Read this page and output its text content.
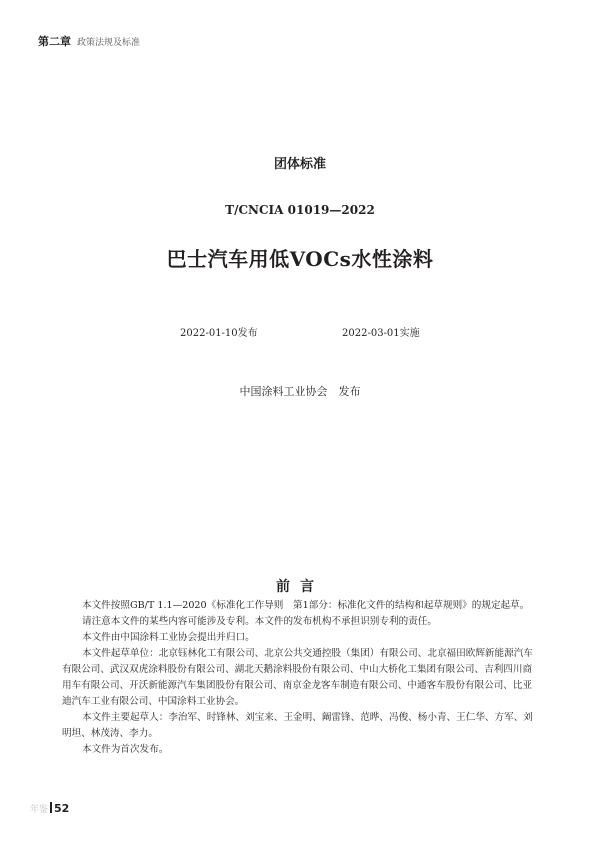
第二章 政策法规及标准
团体标准
T/CNCIA 01019—2022
巴士汽车用低VOCs水性涂料
2022-01-10发布	2022-03-01实施
中国涂料工业协会　发布
前言

本文件按照GB/T 1.1—2020《标准化工作导则　第1部分：标准化文件的结构和起草规则》的规定起草。

请注意本文件的某些内容可能涉及专利。本文件的发布机构不承担识别专利的责任。

本文件由中国涂料工业协会提出并归口。

本文件起草单位：北京钰林化工有限公司、北京公共交通控股（集团）有限公司、北京福田欧辉新能源汽车有限公司、武汉双虎涂料股份有限公司、湖北天鹅涂料股份有限公司、中山大桥化工集团有限公司、吉利四川商用车有限公司、开沃新能源汽车集团股份有限公司、南京金龙客车制造有限公司、中通客车股份有限公司、比亚迪汽车工业有限公司、中国涂料工业协会。

本文件主要起草人：李治军、时锋林、刘宝来、王金明、阚雷锋、范晔、冯俊、杨小青、王仁华、方军、刘明坦、林茂涛、李力。

本文件为首次发布。

年鉴 52
